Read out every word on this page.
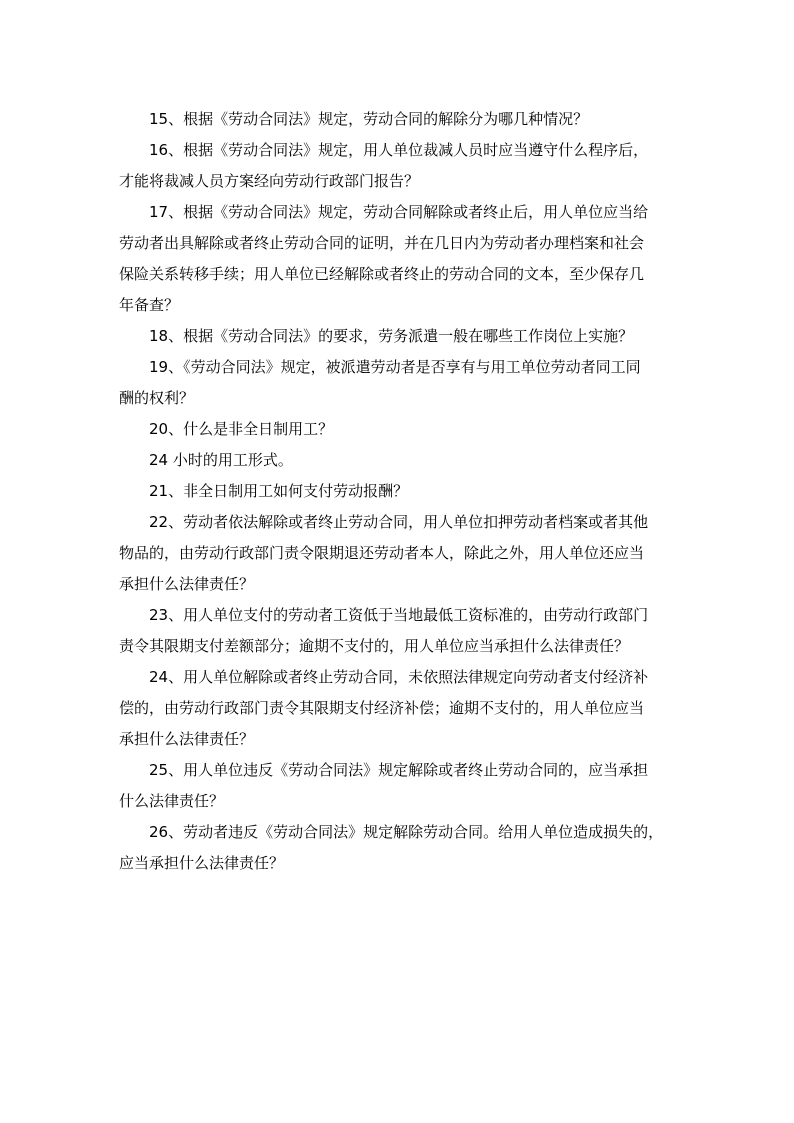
15、根据《劳动合同法》规定，劳动合同的解除分为哪几种情况？

16、根据《劳动合同法》规定，用人单位裁减人员时应当遵守什么程序后，
才能将裁减人员方案经向劳动行政部门报告？

17、根据《劳动合同法》规定，劳动合同解除或者终止后，用人单位应当给
劳动者出具解除或者终止劳动合同的证明，并在几日内为劳动者办理档案和社会
保险关系转移手续；用人单位已经解除或者终止的劳动合同的文本，至少保存几
年备查？

18、根据《劳动合同法》的要求，劳务派遣一般在哪些工作岗位上实施？

19、《劳动合同法》规定，被派遣劳动者是否享有与用工单位劳动者同工同
酬的权利？

20、什么是非全日制用工？

24 小时的用工形式。

21、非全日制用工如何支付劳动报酬？

22、劳动者依法解除或者终止劳动合同，用人单位扣押劳动者档案或者其他
物品的，由劳动行政部门责令限期退还劳动者本人，除此之外，用人单位还应当
承担什么法律责任？

23、用人单位支付的劳动者工资低于当地最低工资标准的，由劳动行政部门
责令其限期支付差额部分；逾期不支付的，用人单位应当承担什么法律责任？

24、用人单位解除或者终止劳动合同，未依照法律规定向劳动者支付经济补
偿的，由劳动行政部门责令其限期支付经济补偿；逾期不支付的，用人单位应当
承担什么法律责任？

25、用人单位违反《劳动合同法》规定解除或者终止劳动合同的，应当承担
什么法律责任？

26、劳动者违反《劳动合同法》规定解除劳动合同。给用人单位造成损失的，
应当承担什么法律责任？
